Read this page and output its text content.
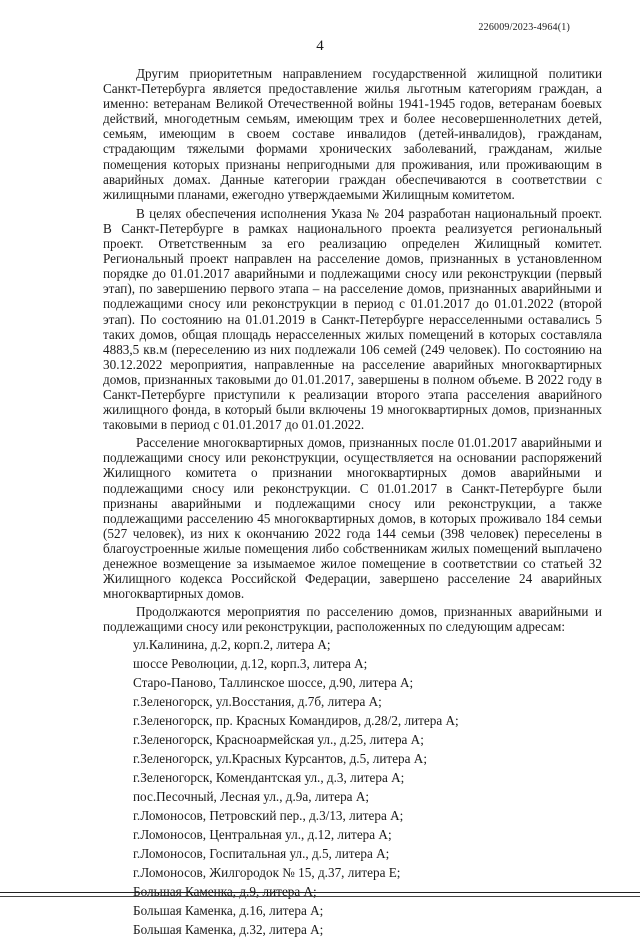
226009/2023-4964(1)
4

Другим приоритетным направлением государственной жилищной политики Санкт-Петербурга является предоставление жилья льготным категориям граждан, а именно: ветеранам Великой Отечественной войны 1941-1945 годов, ветеранам боевых действий, многодетным семьям, имеющим трех и более несовершеннолетних детей, семьям, имеющим в своем составе инвалидов (детей-инвалидов), гражданам, страдающим тяжелыми формами хронических заболеваний, гражданам, жилые помещения которых признаны непригодными для проживания, или проживающим в аварийных домах. Данные категории граждан обеспечиваются в соответствии с жилищными планами, ежегодно утверждаемыми Жилищным комитетом.

В целях обеспечения исполнения Указа № 204 разработан национальный проект. В Санкт-Петербурге в рамках национального проекта реализуется региональный проект. Ответственным за его реализацию определен Жилищный комитет. Региональный проект направлен на расселение домов, признанных в установленном порядке до 01.01.2017 аварийными и подлежащими сносу или реконструкции (первый этап), по завершению первого этапа – на расселение домов, признанных аварийными и подлежащими сносу или реконструкции в период с 01.01.2017 до 01.01.2022 (второй этап). По состоянию на 01.01.2019 в Санкт-Петербурге нерасселенными оставались 5 таких домов, общая площадь нерасселенных жилых помещений в которых составляла 4883,5 кв.м (переселению из них подлежали 106 семей (249 человек). По состоянию на 30.12.2022 мероприятия, направленные на расселение аварийных многоквартирных домов, признанных таковыми до 01.01.2017, завершены в полном объеме. В 2022 году в Санкт-Петербурге приступили к реализации второго этапа расселения аварийного жилищного фонда, в который были включены 19 многоквартирных домов, признанных таковыми в период с 01.01.2017 до 01.01.2022.

Расселение многоквартирных домов, признанных после 01.01.2017 аварийными и подлежащими сносу или реконструкции, осуществляется на основании распоряжений Жилищного комитета о признании многоквартирных домов аварийными и подлежащими сносу или реконструкции. С 01.01.2017 в Санкт-Петербурге были признаны аварийными и подлежащими сносу или реконструкции, а также подлежащими расселению 45 многоквартирных домов, в которых проживало 184 семьи (527 человек), из них к окончанию 2022 года 144 семьи (398 человек) переселены в благоустроенные жилые помещения либо собственникам жилых помещений выплачено денежное возмещение за изымаемое жилое помещение в соответствии со статьей 32 Жилищного кодекса Российской Федерации, завершено расселение 24 аварийных многоквартирных домов.

Продолжаются мероприятия по расселению домов, признанных аварийными и подлежащими сносу или реконструкции, расположенных по следующим адресам:

ул.Калинина, д.2, корп.2, литера А;
шоссе Революции, д.12, корп.3, литера А;
Старо-Паново, Таллинское шоссе, д.90, литера А;
г.Зеленогорск, ул.Восстания, д.7б, литера А;
г.Зеленогорск, пр. Красных Командиров, д.28/2, литера А;
г.Зеленогорск, Красноармейская ул., д.25, литера А;
г.Зеленогорск, ул.Красных Курсантов, д.5, литера А;
г.Зеленогорск, Комендантская ул., д.3, литера А;
пос.Песочный, Лесная ул., д.9а, литера А;
г.Ломоносов, Петровский пер., д.3/13, литера А;
г.Ломоносов, Центральная ул., д.12, литера А;
г.Ломоносов, Госпитальная ул., д.5, литера А;
г.Ломоносов, Жилгородок № 15, д.37, литера Е;
Большая Каменка, д.9, литера А;
Большая Каменка, д.16, литера А;
Большая Каменка, д.32, литера А;
